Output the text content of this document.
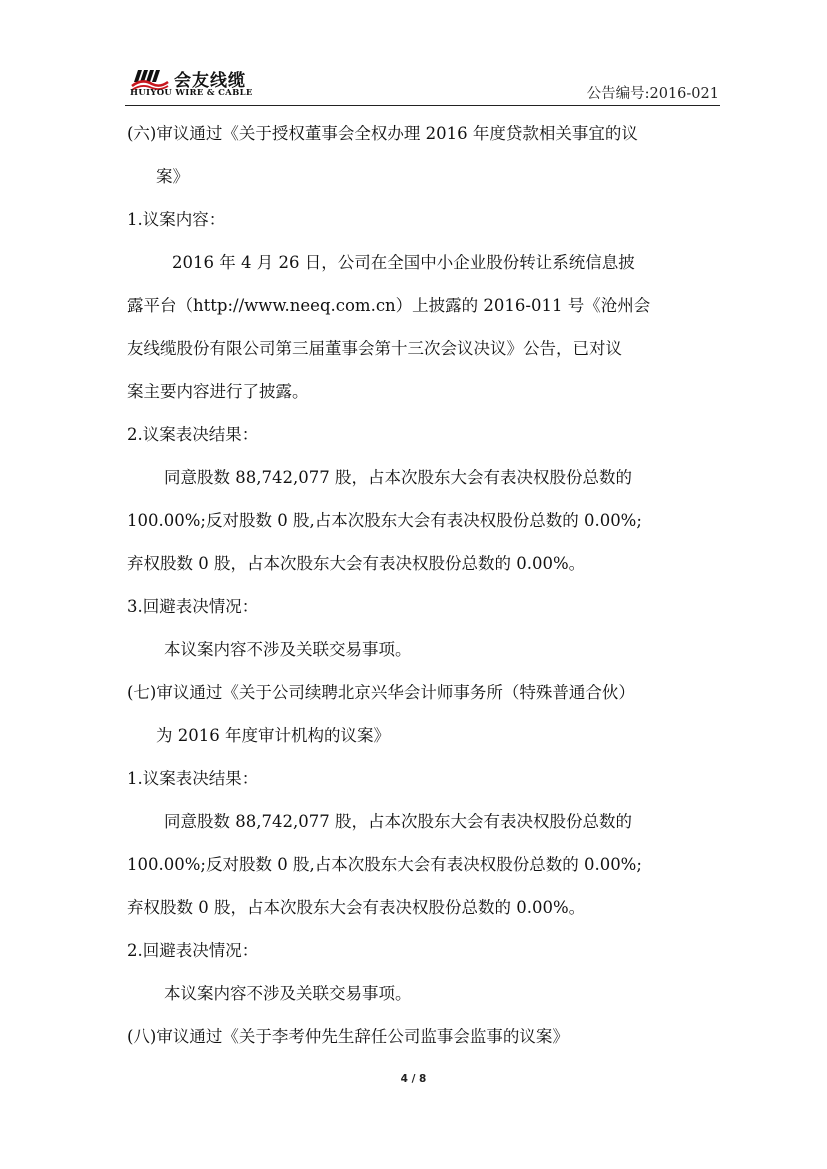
会友线缆
HUIYOU WIRE & CABLE	公告编号:2016-021
(六)审议通过《关于授权董事会全权办理 2016 年度贷款相关事宜的议
案》
1.议案内容：
2016 年 4 月 26 日，公司在全国中小企业股份转让系统信息披
露平台（http://www.neeq.com.cn）上披露的 2016-011 号《沧州会
友线缆股份有限公司第三届董事会第十三次会议决议》公告，已对议
案主要内容进行了披露。
2.议案表决结果：
同意股数 88,742,077 股，占本次股东大会有表决权股份总数的
100.00%;反对股数 0 股,占本次股东大会有表决权股份总数的 0.00%;
弃权股数 0 股，占本次股东大会有表决权股份总数的 0.00%。
3.回避表决情况：
本议案内容不涉及关联交易事项。
(七)审议通过《关于公司续聘北京兴华会计师事务所（特殊普通合伙）
为 2016 年度审计机构的议案》
1.议案表决结果：
同意股数 88,742,077 股，占本次股东大会有表决权股份总数的
100.00%;反对股数 0 股,占本次股东大会有表决权股份总数的 0.00%;
弃权股数 0 股，占本次股东大会有表决权股份总数的 0.00%。
2.回避表决情况：
本议案内容不涉及关联交易事项。
(八)审议通过《关于李考仲先生辞任公司监事会监事的议案》
4 / 8
